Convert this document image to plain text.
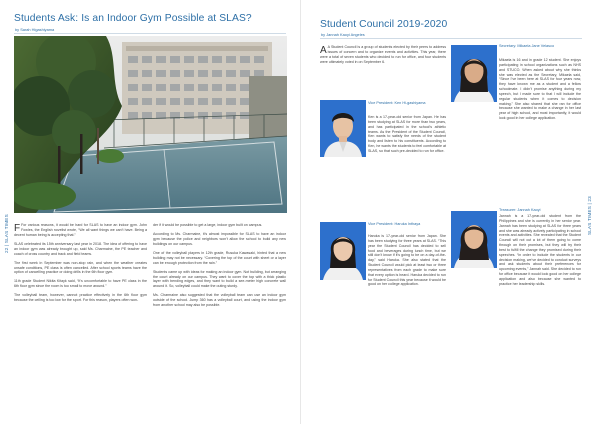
Students Ask: Is an Indoor Gym Possible at SLAS?
by Sarah Higashiyama
22 | SLAS TIMES F For various reasons, it would be hard for SLAS to have an indoor gym. John Fowles, the English novelist wrote, “We all want things we can’t have. Being a decent human being is accepting that.”

SLAS celebrated its 15th anniversary last year in 2018. The idea of offering to have an indoor gym was already brought up, said Ms. Charmaine, the PE teacher and coach of cross country and track and field teams.

The first week in September was non-stop rain, and when the weather creates unsafe conditions, PE class is often cancelled. After school sports teams have the option of cancelling practice or doing drills in the 6th floor gym.

11th grade Student Nikita Kitayk said, “It’s uncomfortable to have PE class in the 6th floor gym since the room is too small to move around.”

The volleyball team, however, cannot practice effectively in the 6th floor gym because the ceiling is too low for the sport. For this reason, players often won-

der if it would be possible to get a large, indoor gym built on campus.

According to Ms. Charmaine, it’s almost impossible for SLAS to have an indoor gym because the police and neighbors won’t allow the school to build any new buildings on our campus.

One of the volleyball players in 12th grade, Rusuka Kawasaki, hinted that a new building may not be necessary. “Covering the top of the court with sheet or a layer can be enough protection from the rain.”

Students came up with ideas for making an indoor gym. Not building, but arranging the court already on our campus. They want to cover the top with a thick plastic layer with bending edges, and they want to build a see-meter high concrete wall around it. So, volleyball could make the outing sturdy.

Ms. Charmaine also suggested that the volleyball team can use an indoor gym outside of the school. Jump 360 has a volleyball court, and using the indoor gym from another school may also be possible.

Student Council 2019-2020
by Jannah Kaoyi Angeles
SLAS TIMES | 23
A A Student Council is a group of students elected by their peers to address issues of concern and to organize events and activities. This year, there were a total of seven students who decided to run for office, and four students were ultimately voted in on September 6.
Vice President: Ken Hi-gashiyama
Ken is a 17-year-old senior from Japan. He has been studying at SLAS for more than two years, and has participated in the school’s athletic teams. As the President of the Student Council, Ken wants to satisfy the needs of the student body and listen to his constituents. According to Ken, he wants the students to feel comfortable at SLAS, so that such pre-decided to run for office.
Vice President: Haruka Inthaya
Haruka is 17-year-old senior from Japan. She has been studying for three years at SLAS. “This year the Student Council has decided to sell food and beverages during lunch time, but we still don’t know if it’s going to be on a day-of-the-day,” said Haruka. She also stated that the Student Council would pick at least two or three representatives from each grade to make sure that every option is heard. Haruka decided to run for Student Council this year because it would be good on her college application.
Secretary: Mikaela Jane Velasco
Mikaela is 16 and in grade 12 student. She enjoys participating in school organizations such as NHS and STUCO. When asked about why she thinks she was elected as the Secretary, Mikaela said, “Since I’ve been here at SLAS for four years now, they have known me as a student and a fellow schoolmate. I didn’t promise anything during my speech, but I made sure to that I will include the regular students when it comes to decision making.” She also shared that she ran for office because she wanted to make a change in her last year of high school, and most importantly, it would look good in her college application.
Treasurer: Jannah Kaoyi
Jannah is a 17-year-old student from the Philippines and she is currently in her senior year. Jannah has been studying at SLAS for three years and she was already actively participating in school events and activities. She revealed that the Student Council will not cut a lot of them going to come through on their promises, but they will try their best to fulfill the change they promised during their speeches. “In order to include the students in our decision making, we’ve decided to conduct surveys and ask students about their preferences for upcoming events,” Jannah said. She decided to run for office because it would look good on her college application and also because she wanted to practice her leadership skills.
